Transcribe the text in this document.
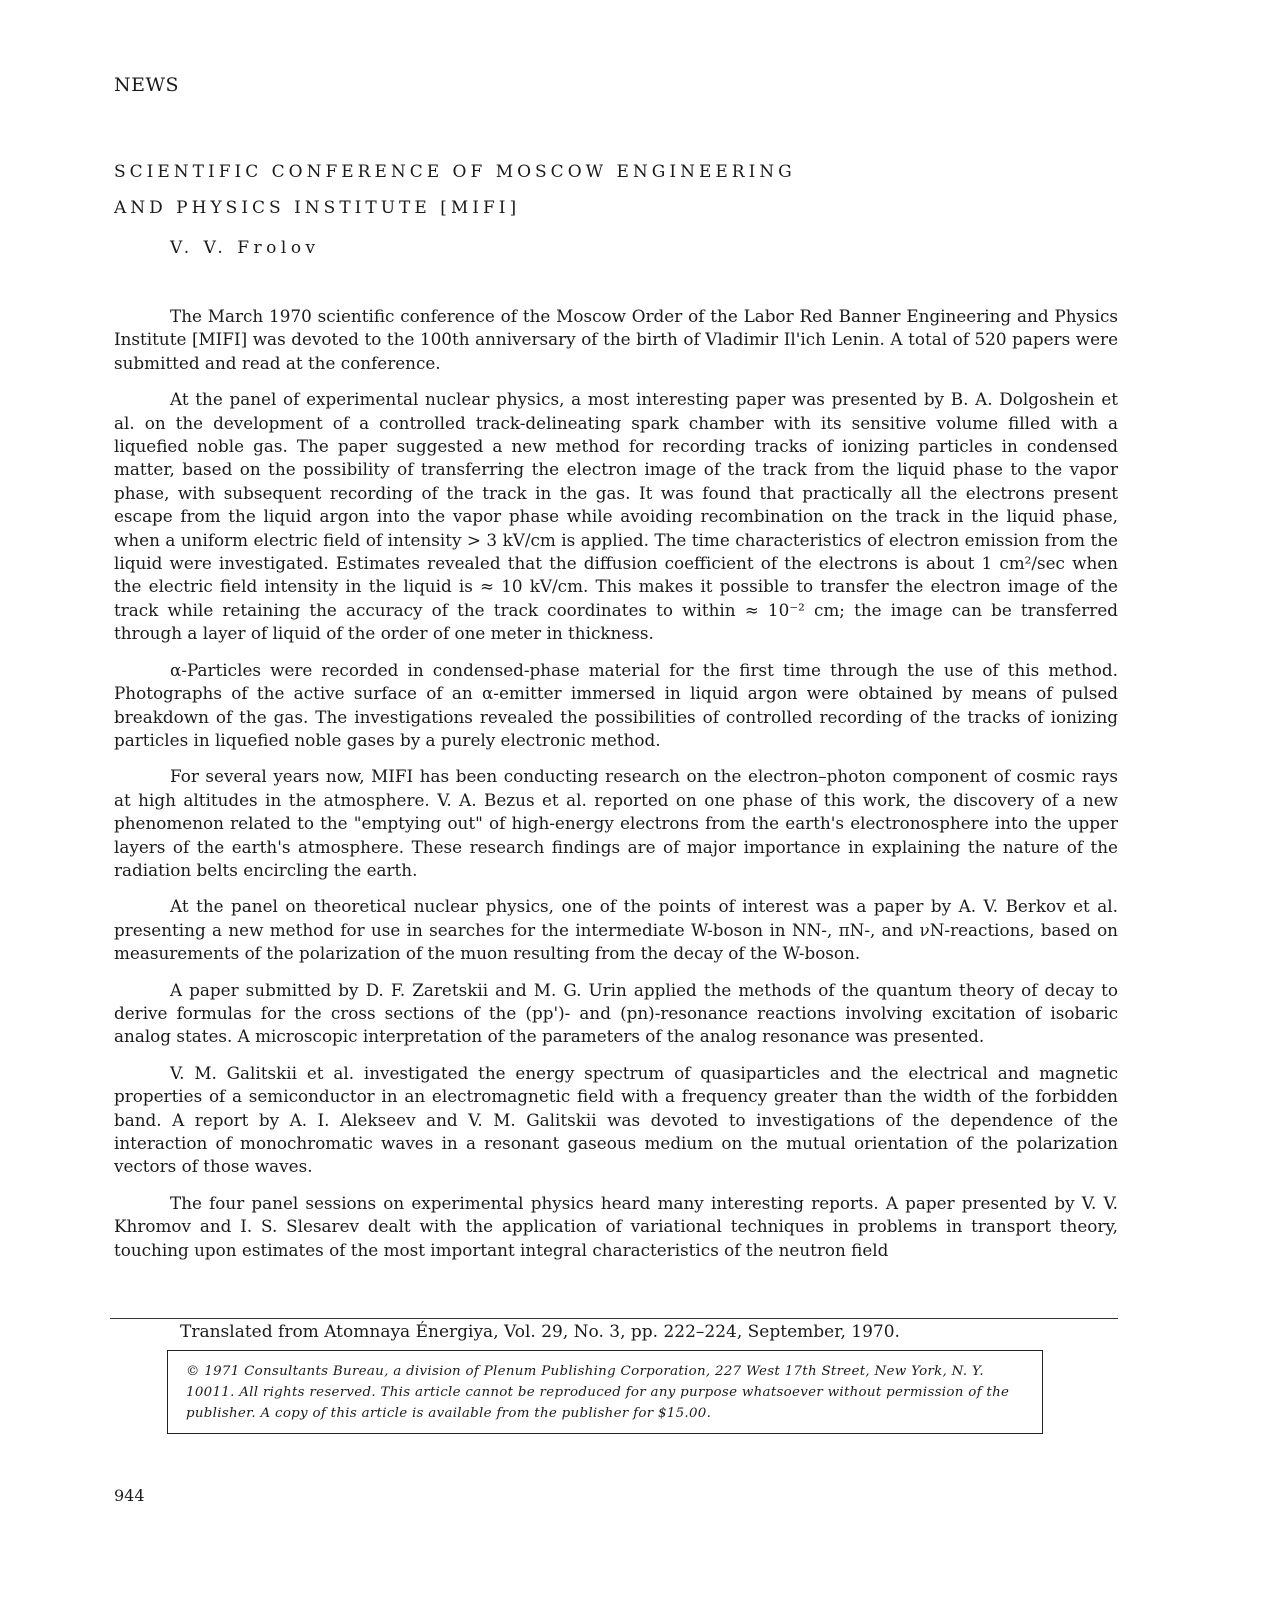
NEWS
SCIENTIFIC CONFERENCE OF MOSCOW ENGINEERING
AND PHYSICS INSTITUTE [MIFI]
V. V. Frolov

The March 1970 scientific conference of the Moscow Order of the Labor Red Banner Engineering and Physics Institute [MIFI] was devoted to the 100th anniversary of the birth of Vladimir Il'ich Lenin. A total of 520 papers were submitted and read at the conference.

At the panel of experimental nuclear physics, a most interesting paper was presented by B. A. Dolgoshein et al. on the development of a controlled track-delineating spark chamber with its sensitive volume filled with a liquefied noble gas. The paper suggested a new method for recording tracks of ionizing particles in condensed matter, based on the possibility of transferring the electron image of the track from the liquid phase to the vapor phase, with subsequent recording of the track in the gas. It was found that practically all the electrons present escape from the liquid argon into the vapor phase while avoiding recombination on the track in the liquid phase, when a uniform electric field of intensity > 3 kV/cm is applied. The time characteristics of electron emission from the liquid were investigated. Estimates revealed that the diffusion coefficient of the electrons is about 1 cm²/sec when the electric field intensity in the liquid is ≈ 10 kV/cm. This makes it possible to transfer the electron image of the track while retaining the accuracy of the track coordinates to within ≈ 10⁻² cm; the image can be transferred through a layer of liquid of the order of one meter in thickness.

α-Particles were recorded in condensed-phase material for the first time through the use of this method. Photographs of the active surface of an α-emitter immersed in liquid argon were obtained by means of pulsed breakdown of the gas. The investigations revealed the possibilities of controlled recording of the tracks of ionizing particles in liquefied noble gases by a purely electronic method.

For several years now, MIFI has been conducting research on the electron–photon component of cosmic rays at high altitudes in the atmosphere. V. A. Bezus et al. reported on one phase of this work, the discovery of a new phenomenon related to the "emptying out" of high-energy electrons from the earth's electronosphere into the upper layers of the earth's atmosphere. These research findings are of major importance in explaining the nature of the radiation belts encircling the earth.

At the panel on theoretical nuclear physics, one of the points of interest was a paper by A. V. Berkov et al. presenting a new method for use in searches for the intermediate W-boson in NN-, πN-, and νN-reactions, based on measurements of the polarization of the muon resulting from the decay of the W-boson.

A paper submitted by D. F. Zaretskii and M. G. Urin applied the methods of the quantum theory of decay to derive formulas for the cross sections of the (pp')- and (pn)-resonance reactions involving excitation of isobaric analog states. A microscopic interpretation of the parameters of the analog resonance was presented.

V. M. Galitskii et al. investigated the energy spectrum of quasiparticles and the electrical and magnetic properties of a semiconductor in an electromagnetic field with a frequency greater than the width of the forbidden band. A report by A. I. Alekseev and V. M. Galitskii was devoted to investigations of the dependence of the interaction of monochromatic waves in a resonant gaseous medium on the mutual orientation of the polarization vectors of those waves.

The four panel sessions on experimental physics heard many interesting reports. A paper presented by V. V. Khromov and I. S. Slesarev dealt with the application of variational techniques in problems in transport theory, touching upon estimates of the most important integral characteristics of the neutron field

Translated from Atomnaya Énergiya, Vol. 29, No. 3, pp. 222–224, September, 1970.
© 1971 Consultants Bureau, a division of Plenum Publishing Corporation, 227 West 17th Street, New York, N. Y. 10011. All rights reserved. This article cannot be reproduced for any purpose whatsoever without permission of the publisher. A copy of this article is available from the publisher for $15.00.
944
